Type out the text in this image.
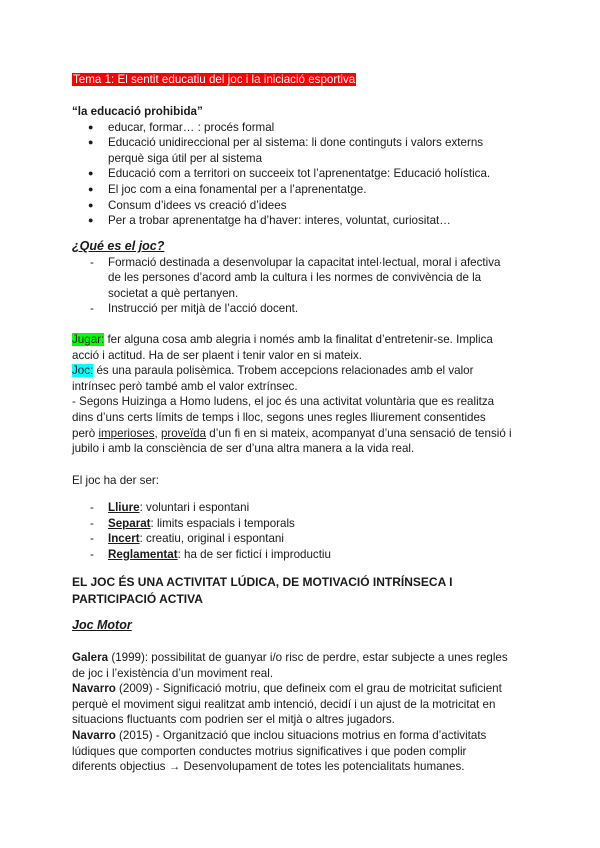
Tema 1: El sentit educatiu del joc i la iniciació esportiva

“la educació prohibida”

● educar, formar… : procés formal
● Educació unidireccional per al sistema: li done continguts i valors externs perquè siga útil per al sistema
● Educació com a territori on succeeix tot l’aprenentatge: Educació holística.
● El joc com a eina fonamental per a l’aprenentatge.
● Consum d’idees vs creació d’idees
● Per a trobar aprenentatge ha d’haver: interes, voluntat, curiositat…

¿Qué es el joc?

- Formació destinada a desenvolupar la capacitat intel·lectual, moral i afectiva de les persones d’acord amb la cultura i les normes de convivència de la societat a què pertanyen.
- Instrucció per mitjà de l’acció docent.

Jugar: fer alguna cosa amb alegria i només amb la finalitat d’entretenir-se. Implica acció i actitud. Ha de ser plaent i tenir valor en si mateix.

Joc: és una paraula polisèmica. Trobem accepcions relacionades amb el valor intrínsec però també amb el valor extrínsec.

- Segons Huizinga a Homo ludens, el joc és una activitat voluntària que es realitza dins d’uns certs límits de temps i lloc, segons unes regles lliurement consentides però imperioses, proveïda d’un fi en si mateix, acompanyat d’una sensació de tensió i jubilo i amb la consciència de ser d’una altra manera a la vida real.

El joc ha der ser:

- Lliure: voluntari i espontani
- Separat: limits espacials i temporals
- Incert: creatiu, original i espontani
- Reglamentat: ha de ser ficticí i improductiu

EL JOC ÉS UNA ACTIVITAT LÚDICA, DE MOTIVACIÓ INTRÍNSECA I PARTICIPACIÓ ACTIVA

Joc Motor

Galera (1999): possibilitat de guanyar i/o risc de perdre, estar subjecte a unes regles de joc i l’existència d’un moviment real.

Navarro (2009) - Significació motriu, que defineix com el grau de motricitat suficient perquè el moviment sigui realitzat amb intenció, decidí i un ajust de la motricitat en situacions fluctuants com podrien ser el mitjà o altres jugadors.

Navarro (2015) - Organització que inclou situacions motrius en forma d’activitats lúdiques que comporten conductes motrius significatives i que poden complir diferents objectius → Desenvolupament de totes les potencialitats humanes.
